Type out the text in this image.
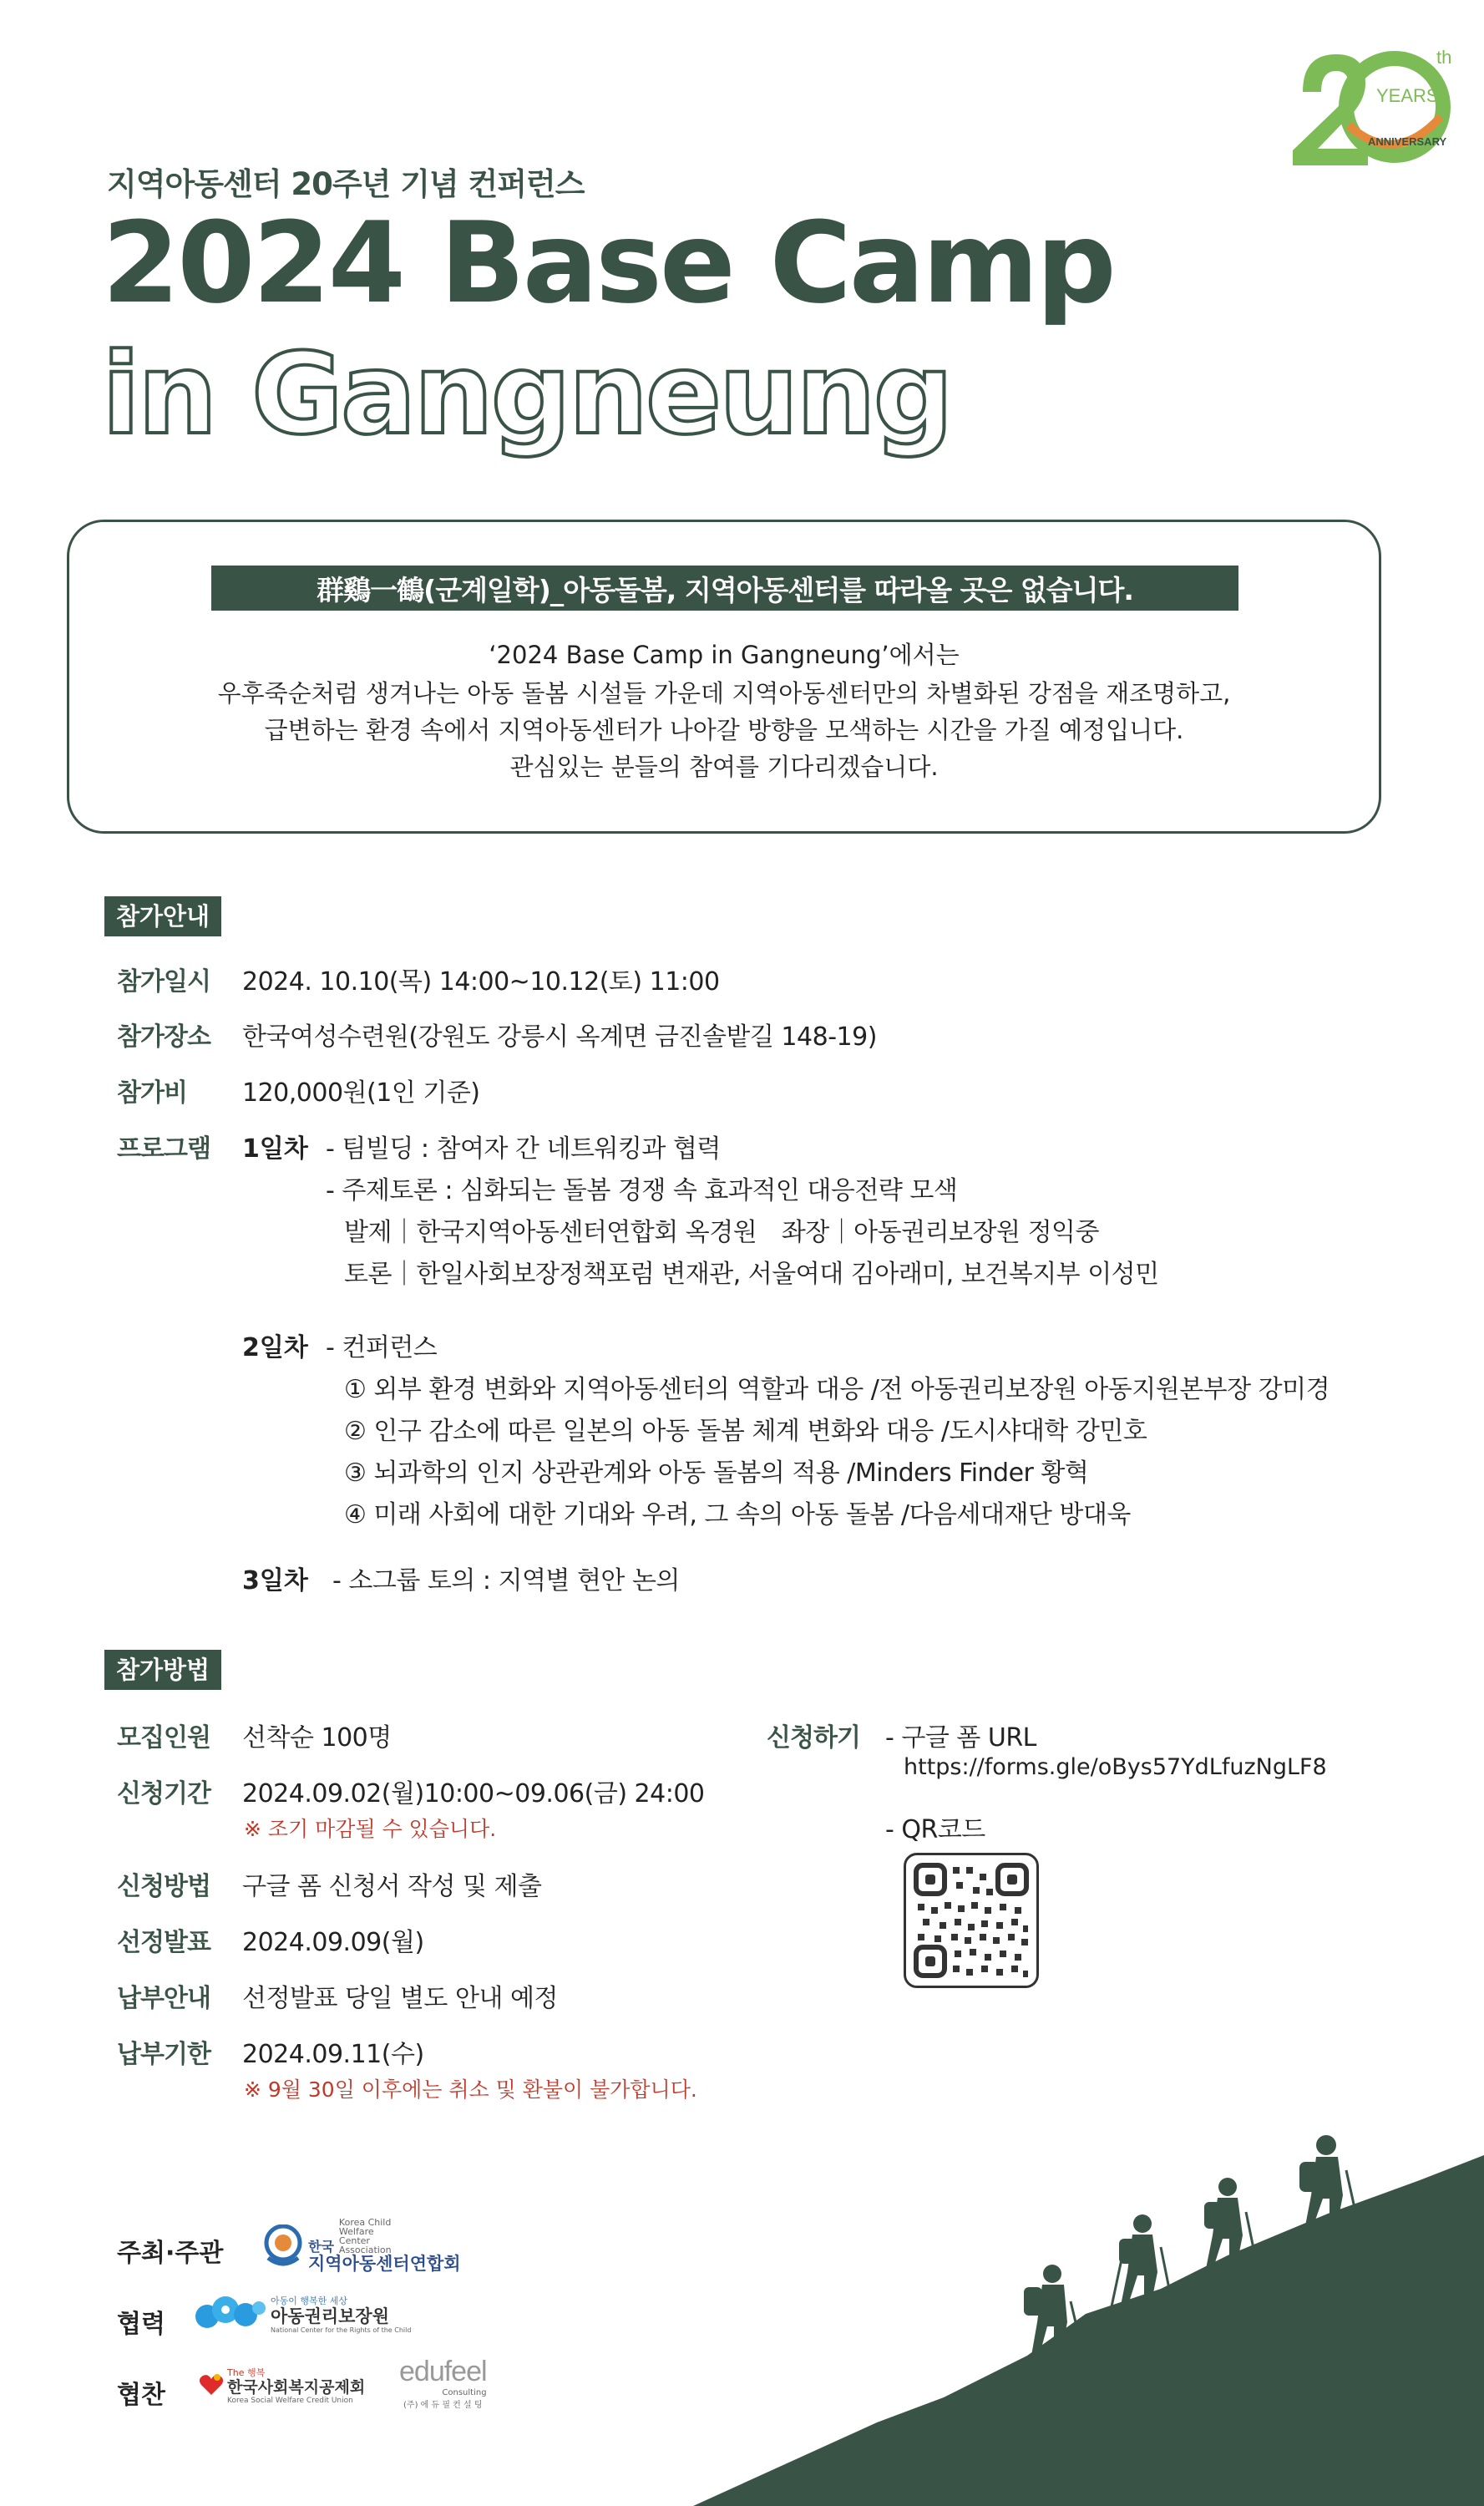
th
YEARS
ANNIVERSARY
지역아동센터 20주년 기념 컨퍼런스
2024 Base Camp
in Gangneung
群鷄一鶴(군계일학)_아동돌봄, 지역아동센터를 따라올 곳은 없습니다.
‘2024 Base Camp in Gangneung’에서는
우후죽순처럼 생겨나는 아동 돌봄 시설들 가운데 지역아동센터만의 차별화된 강점을 재조명하고,
급변하는 환경 속에서 지역아동센터가 나아갈 방향을 모색하는 시간을 가질 예정입니다.
관심있는 분들의 참여를 기다리겠습니다.
참가안내
참가일시 2024. 10.10(목) 14:00~10.12(토) 11:00
참가장소 한국여성수련원(강원도 강릉시 옥계면 금진솔밭길 148-19)
참가비 120,000원(1인 기준)
프로그램 1일차 - 팀빌딩 : 참여자 간 네트워킹과 협력
- 주제토론 : 심화되는 돌봄 경쟁 속 효과적인 대응전략 모색
발제｜한국지역아동센터연합회 옥경원　좌장｜아동권리보장원 정익중
토론｜한일사회보장정책포럼 변재관, 서울여대 김아래미, 보건복지부 이성민
2일차 - 컨퍼런스
① 외부 환경 변화와 지역아동센터의 역할과 대응 /전 아동권리보장원 아동지원본부장 강미경
② 인구 감소에 따른 일본의 아동 돌봄 체계 변화와 대응 /도시샤대학 강민호
③ 뇌과학의 인지 상관관계와 아동 돌봄의 적용 /Minders Finder 황혁
④ 미래 사회에 대한 기대와 우려, 그 속의 아동 돌봄 /다음세대재단 방대욱
3일차 - 소그룹 토의 : 지역별 현안 논의
참가방법
모집인원 선착순 100명
신청기간 2024.09.02(월)10:00~09.06(금) 24:00
※ 조기 마감될 수 있습니다.
신청방법 구글 폼 신청서 작성 및 제출
선정발표 2024.09.09(월)
납부안내 선정발표 당일 별도 안내 예정
납부기한 2024.09.11(수)
※ 9월 30일 이후에는 취소 및 환불이 불가합니다.
신청하기 - 구글 폼 URL
https://forms.gle/oBys57YdLfuzNgLF8
- QR코드
주최·주관	한국
Korea Child Welfare Center Association
지역아동센터연합회
협력
아동이 행복한 세상
아동권리보장원
National Center for the Rights of the Child
협찬
The 행복
한국사회복지공제회
Korea Social Welfare Credit Union
edufeel
Consulting
(주) 에 듀 필 컨 설 팅
